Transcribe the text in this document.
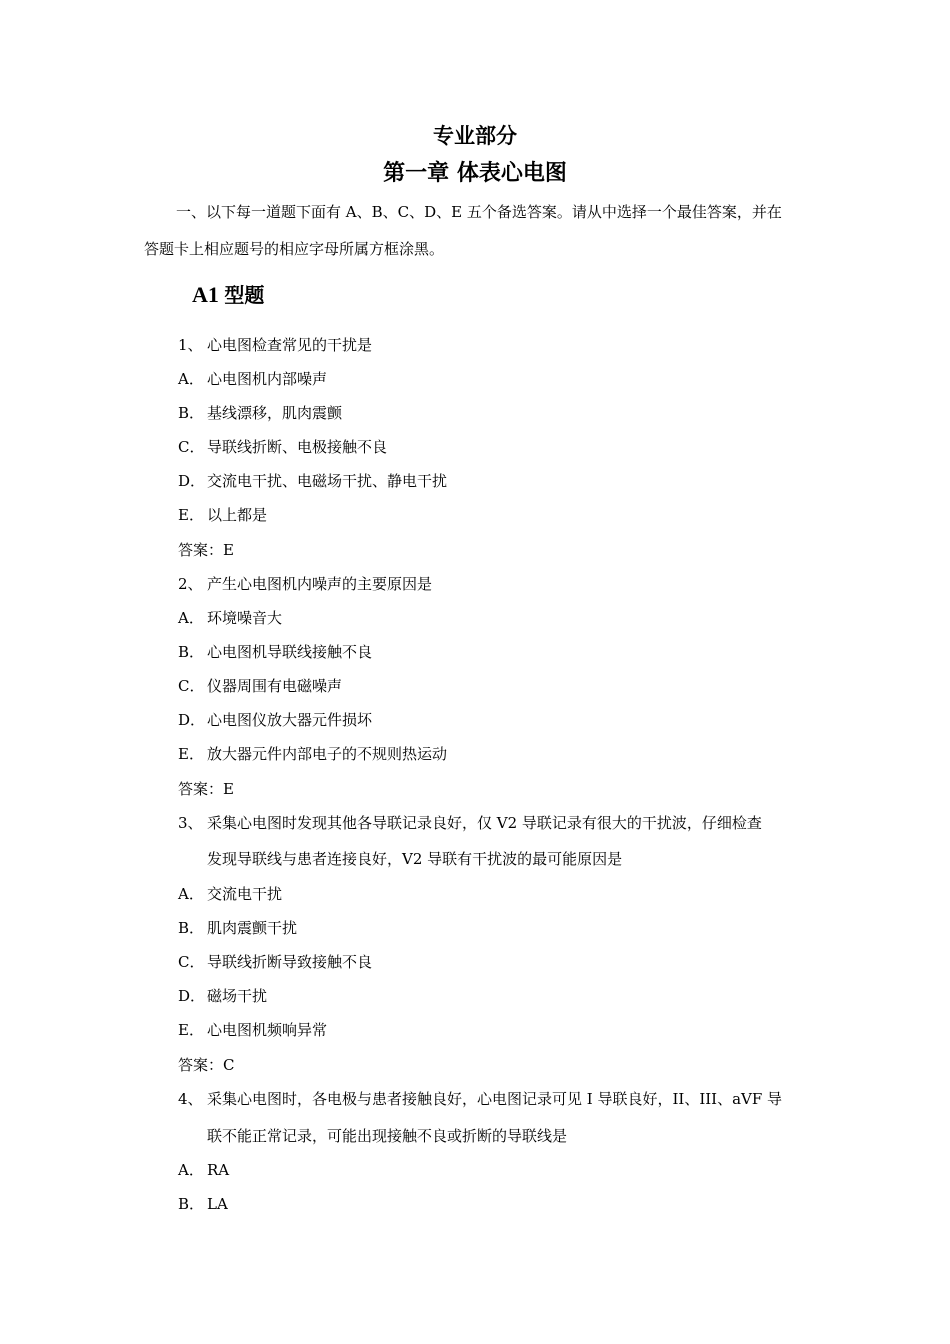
专业部分
第一章 体表心电图
一、以下每一道题下面有 A、B、C、D、E 五个备选答案。请从中选择一个最佳答案，并在
答题卡上相应题号的相应字母所属方框涂黑。
A1 型题
1、 心电图检查常见的干扰是
A． 心电图机内部噪声
B． 基线漂移，肌肉震颤
C． 导联线折断、电极接触不良
D． 交流电干扰、电磁场干扰、静电干扰
E． 以上都是
答案：E
2、 产生心电图机内噪声的主要原因是
A． 环境噪音大
B． 心电图机导联线接触不良
C． 仪器周围有电磁噪声
D． 心电图仪放大器元件损坏
E． 放大器元件内部电子的不规则热运动
答案：E
3、 采集心电图时发现其他各导联记录良好，仅 V2 导联记录有很大的干扰波，仔细检查
发现导联线与患者连接良好，V2 导联有干扰波的最可能原因是
A． 交流电干扰
B． 肌肉震颤干扰
C． 导联线折断导致接触不良
D． 磁场干扰
E． 心电图机频响异常
答案：C
4、 采集心电图时，各电极与患者接触良好，心电图记录可见 I 导联良好，II、III、aVF 导
联不能正常记录，可能出现接触不良或折断的导联线是
A． RA
B． LA
